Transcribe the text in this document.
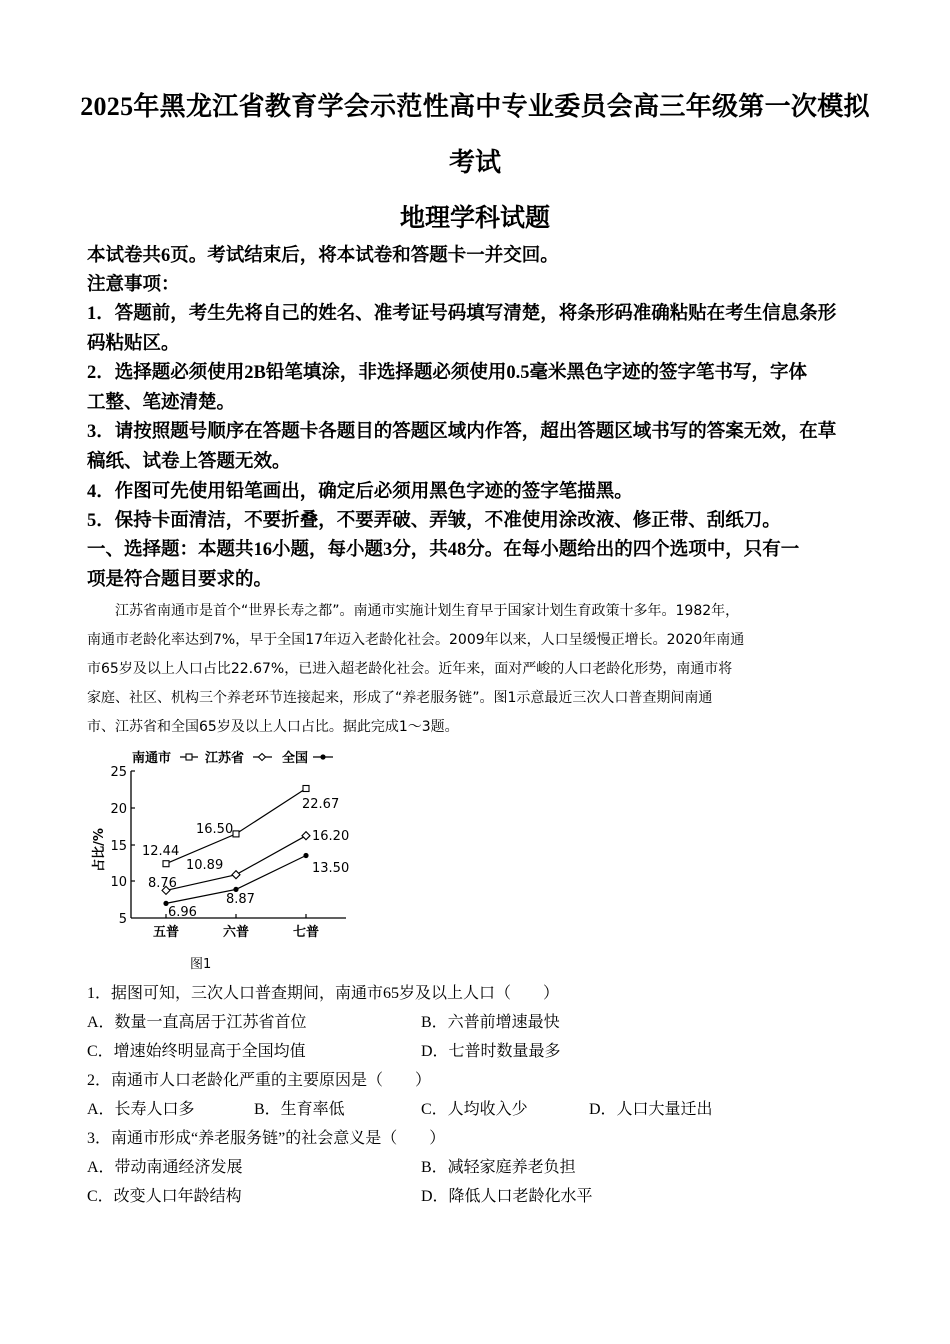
2025年黑龙江省教育学会示范性高中专业委员会高三年级第一次模拟
考试
地理学科试题
本试卷共6页。考试结束后，将本试卷和答题卡一并交回。
注意事项：
1．答题前，考生先将自己的姓名、准考证号码填写清楚，将条形码准确粘贴在考生信息条形
码粘贴区。
2．选择题必须使用2B铅笔填涂，非选择题必须使用0.5毫米黑色字迹的签字笔书写，字体
工整、笔迹清楚。
3．请按照题号顺序在答题卡各题目的答题区域内作答，超出答题区域书写的答案无效，在草
稿纸、试卷上答题无效。
4．作图可先使用铅笔画出，确定后必须用黑色字迹的签字笔描黑。
5．保持卡面清洁，不要折叠，不要弄破、弄皱，不准使用涂改液、修正带、刮纸刀。
一、选择题：本题共16小题，每小题3分，共48分。在每小题给出的四个选项中，只有一
项是符合题目要求的。
　　江苏省南通市是首个“世界长寿之都”。南通市实施计划生育早于国家计划生育政策十多年。1982年，
南通市老龄化率达到7%，早于全国17年迈入老龄化社会。2009年以来，人口呈缓慢正增长。2020年南通
市65岁及以上人口占比22.67%，已进入超老龄化社会。近年来，面对严峻的人口老龄化形势，南通市将
家庭、社区、机构三个养老环节连接起来，形成了“养老服务链”。图1示意最近三次人口普查期间南通
市、江苏省和全国65岁及以上人口占比。据此完成1～3题。
南通市	江苏省	全国
25
20
15
10
5
占比/%
五普	六普	七普
12.44
16.50
22.67
8.76
10.89
16.20
6.96
8.87
13.50
图1
1．据图可知，三次人口普查期间，南通市65岁及以上人口（　　）
A．数量一直高居于江苏省首位	B．六普前增速最快
C．增速始终明显高于全国均值	D．七普时数量最多
2．南通市人口老龄化严重的主要原因是（　　）
A．长寿人口多	B．生育率低	C．人均收入少	D．人口大量迁出
3．南通市形成“养老服务链”的社会意义是（　　）
A．带动南通经济发展	B．减轻家庭养老负担
C．改变人口年龄结构	D．降低人口老龄化水平
